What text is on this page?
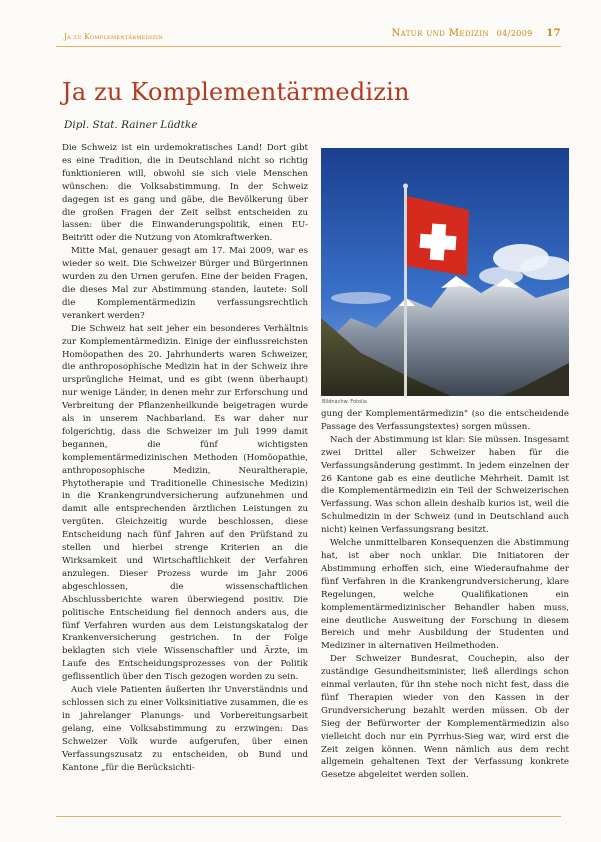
Ja zu Komplementärmedizin	Natur und Medizin 04/2009 17
Ja zu Komplementärmedizin
Dipl. Stat. Rainer Lüdtke

Die Schweiz ist ein urdemokratisches Land! Dort gibt es eine Tradition, die in Deutschland nicht so richtig funktionieren will, obwohl sie sich viele Menschen wünschen: die Volksabstimmung. In der Schweiz dagegen ist es gang und gäbe, die Bevölkerung über die großen Fragen der Zeit selbst entscheiden zu lassen: über die Einwanderungspolitik, einen EU-Beitritt oder die Nutzung von Atomkraftwerken.

Mitte Mai, genauer gesagt am 17. Mai 2009, war es wieder so weit. Die Schweizer Bürger und Bürgerinnen wurden zu den Urnen gerufen. Eine der beiden Fragen, die dieses Mal zur Abstimmung standen, lautete: Soll die Komplementärmedizin verfassungsrechtlich verankert werden?

Die Schweiz hat seit jeher ein besonderes Verhältnis zur Komplementärmedizin. Einige der einflussreichsten Homöopathen des 20. Jahrhunderts waren Schweizer, die anthroposophische Medizin hat in der Schweiz ihre ursprüngliche Heimat, und es gibt (wenn überhaupt) nur wenige Länder, in denen mehr zur Erforschung und Verbreitung der Pflanzenheilkunde beigetragen wurde als in unserem Nachbarland. Es war daher nur folgerichtig, dass die Schweizer im Juli 1999 damit begannen, die fünf wichtigsten komplementärmedizinischen Methoden (Homöopathie, anthroposophische Medizin, Neuraltherapie, Phytotherapie und Traditionelle Chinesische Medizin) in die Krankengrundversicherung aufzunehmen und damit alle entsprechenden ärztlichen Leistungen zu vergüten. Gleichzeitig wurde beschlossen, diese Entscheidung nach fünf Jahren auf den Prüfstand zu stellen und hierbei strenge Kriterien an die Wirksamkeit und Wirtschaftlichkeit der Verfahren anzulegen. Dieser Prozess wurde im Jahr 2006 abgeschlossen, die wissenschaftlichen Abschlussberichte waren überwiegend positiv. Die politische Entscheidung fiel dennoch anders aus, die fünf Verfahren wurden aus dem Leistungskatalog der Krankenversicherung gestrichen. In der Folge beklagten sich viele Wissenschaftler und Ärzte, im Laufe des Entscheidungsprozesses von der Politik geflissentlich über den Tisch gezogen worden zu sein.

Auch viele Patienten äußerten ihr Unverständnis und schlossen sich zu einer Volksinitiative zusammen, die es in jahrelanger Planungs- und Vorbereitungsarbeit gelang, eine Volksabstimmung zu erzwingen: Das Schweizer Volk wurde aufgerufen, über einen Verfassungszusatz zu entscheiden, ob Bund und Kantone „für die Berücksichti-

Bildnachw. Fotolia

gung der Komplementärmedizin" (so die entscheidende Passage des Verfassungstextes) sorgen müssen.

Nach der Abstimmung ist klar: Sie müssen. Insgesamt zwei Drittel aller Schweizer haben für die Verfassungsänderung gestimmt. In jedem einzelnen der 26 Kantone gab es eine deutliche Mehrheit. Damit ist die Komplementärmedizin ein Teil der Schweizerischen Verfassung. Was schon allein deshalb kurios ist, weil die Schulmedizin in der Schweiz (und in Deutschland auch nicht) keinen Verfassungsrang besitzt.

Welche unmittelbaren Konsequenzen die Abstimmung hat, ist aber noch unklar. Die Initiatoren der Abstimmung erhoffen sich, eine Wiederaufnahme der fünf Verfahren in die Krankengrundversicherung, klare Regelungen, welche Qualifikationen ein komplementärmedizinischer Behandler haben muss, eine deutliche Ausweitung der Forschung in diesem Bereich und mehr Ausbildung der Studenten und Mediziner in alternativen Heilmethoden.

Der Schweizer Bundesrat, Couchepin, also der zuständige Gesundheitsminister, ließ allerdings schon einmal verlauten, für ihn stehe noch nicht fest, dass die fünf Therapien wieder von den Kassen in der Grundversicherung bezahlt werden müssen. Ob der Sieg der Befürworter der Komplementärmedizin also vielleicht doch nur ein Pyrrhus-Sieg war, wird erst die Zeit zeigen können. Wenn nämlich aus dem recht allgemein gehaltenen Text der Verfassung konkrete Gesetze abgeleitet werden sollen.
